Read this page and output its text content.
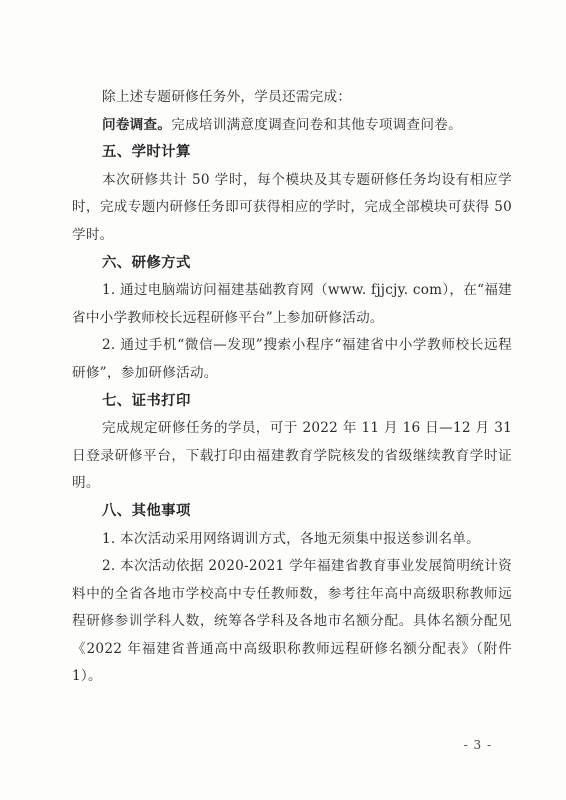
除上述专题研修任务外，学员还需完成：

问卷调查。完成培训满意度调查问卷和其他专项调查问卷。

五、学时计算

本次研修共计 50 学时，每个模块及其专题研修任务均设有相应学时，完成专题内研修任务即可获得相应的学时，完成全部模块可获得 50 学时。

六、研修方式

1. 通过电脑端访问福建基础教育网（www. fjjcjy. com），在“福建省中小学教师校长远程研修平台”上参加研修活动。

2. 通过手机“微信—发现”搜索小程序“福建省中小学教师校长远程研修”，参加研修活动。

七、证书打印

完成规定研修任务的学员，可于 2022 年 11 月 16 日—12 月 31 日登录研修平台，下载打印由福建教育学院核发的省级继续教育学时证明。

八、其他事项

1. 本次活动采用网络调训方式，各地无须集中报送参训名单。

2. 本次活动依据 2020-2021 学年福建省教育事业发展简明统计资料中的全省各地市学校高中专任教师数，参考往年高中高级职称教师远程研修参训学科人数，统筹各学科及各地市名额分配。具体名额分配见《2022 年福建省普通高中高级职称教师远程研修名额分配表》（附件 1）。

- 3 -
